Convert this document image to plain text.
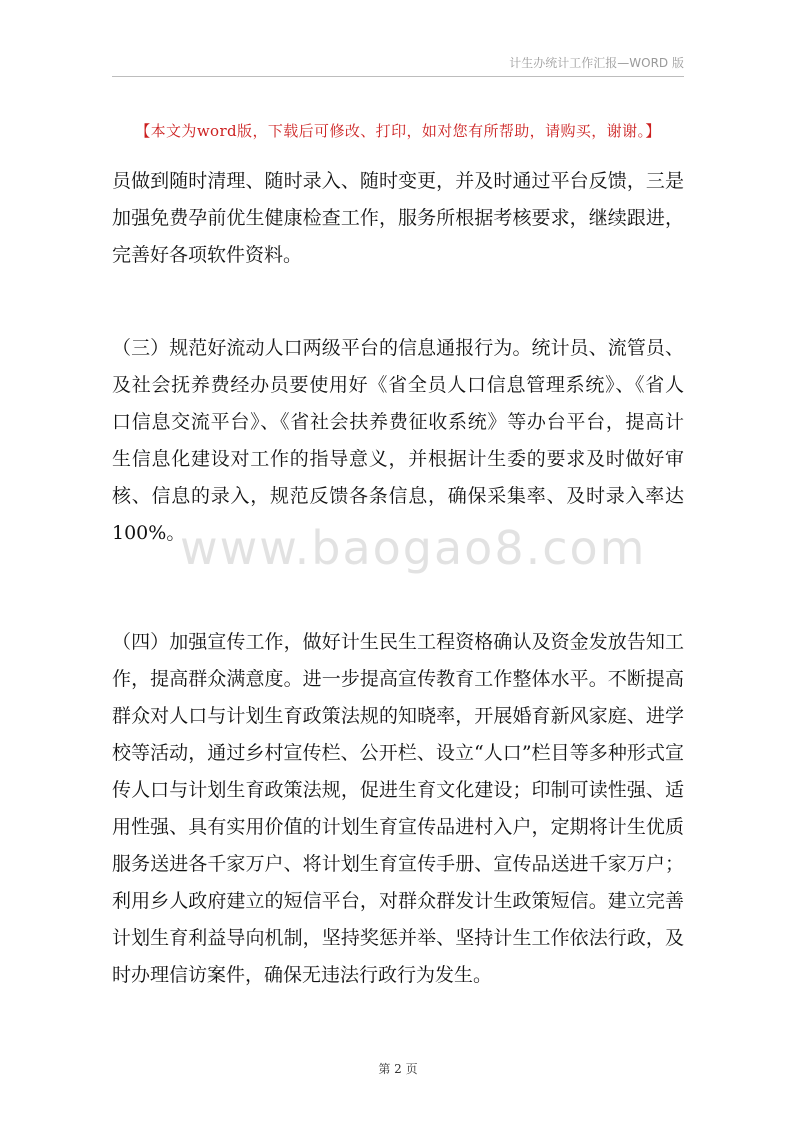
计生办统计工作汇报—WORD 版
【本文为word版，下载后可修改、打印，如对您有所帮助，请购买，谢谢。】
员做到随时清理、随时录入、随时变更，并及时通过平台反馈，三是
加强免费孕前优生健康检查工作，服务所根据考核要求，继续跟进，
完善好各项软件资料。
（三）规范好流动人口两级平台的信息通报行为。统计员、流管员、
及社会抚养费经办员要使用好《省全员人口信息管理系统》、《省人
口信息交流平台》、《省社会扶养费征收系统》等办台平台，提高计
生信息化建设对工作的指导意义，并根据计生委的要求及时做好审
核、信息的录入，规范反馈各条信息，确保采集率、及时录入率达
100%。
www.baogao8.com
（四）加强宣传工作，做好计生民生工程资格确认及资金发放告知工
作，提高群众满意度。进一步提高宣传教育工作整体水平。不断提高
群众对人口与计划生育政策法规的知晓率，开展婚育新风家庭、进学
校等活动，通过乡村宣传栏、公开栏、设立“人口”栏目等多种形式宣
传人口与计划生育政策法规，促进生育文化建设；印制可读性强、适
用性强、具有实用价值的计划生育宣传品进村入户，定期将计生优质
服务送进各千家万户、将计划生育宣传手册、宣传品送进千家万户；
利用乡人政府建立的短信平台，对群众群发计生政策短信。建立完善
计划生育利益导向机制，坚持奖惩并举、坚持计生工作依法行政，及
时办理信访案件，确保无违法行政行为发生。
第 2 页
